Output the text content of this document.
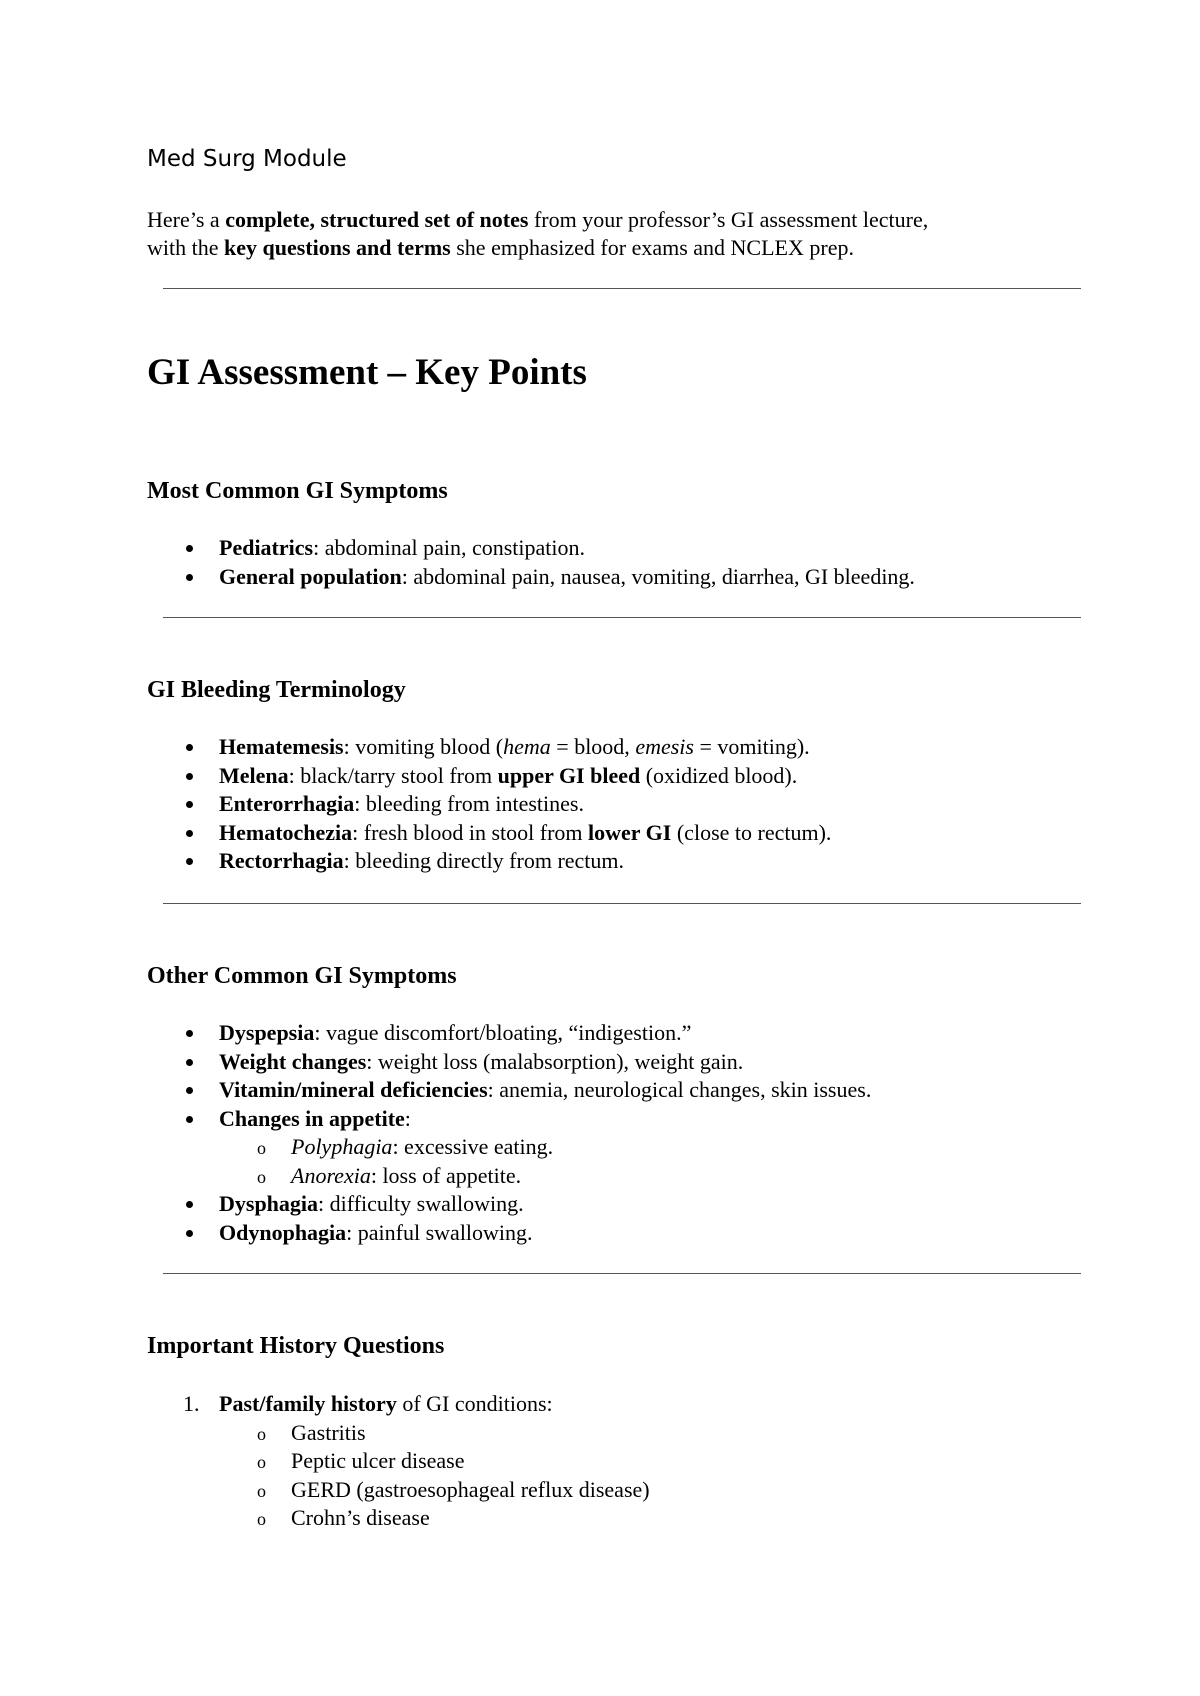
Med Surg Module

Here’s a complete, structured set of notes from your professor’s GI assessment lecture,
with the key questions and terms she emphasized for exams and NCLEX prep.

GI Assessment – Key Points
Most Common GI Symptoms
Pediatrics: abdominal pain, constipation.
General population: abdominal pain, nausea, vomiting, diarrhea, GI bleeding.
GI Bleeding Terminology
Hematemesis: vomiting blood (hema = blood, emesis = vomiting).
Melena: black/tarry stool from upper GI bleed (oxidized blood).
Enterorrhagia: bleeding from intestines.
Hematochezia: fresh blood in stool from lower GI (close to rectum).
Rectorrhagia: bleeding directly from rectum.
Other Common GI Symptoms
Dyspepsia: vague discomfort/bloating, “indigestion.”
Weight changes: weight loss (malabsorption), weight gain.
Vitamin/mineral deficiencies: anemia, neurological changes, skin issues.
Changes in appetite:
o	Polyphagia: excessive eating.
o	Anorexia: loss of appetite.
Dysphagia: difficulty swallowing.
Odynophagia: painful swallowing.
Important History Questions
1. Past/family history of GI conditions:
o	Gastritis
o	Peptic ulcer disease
o	GERD (gastroesophageal reflux disease)
o	Crohn’s disease
